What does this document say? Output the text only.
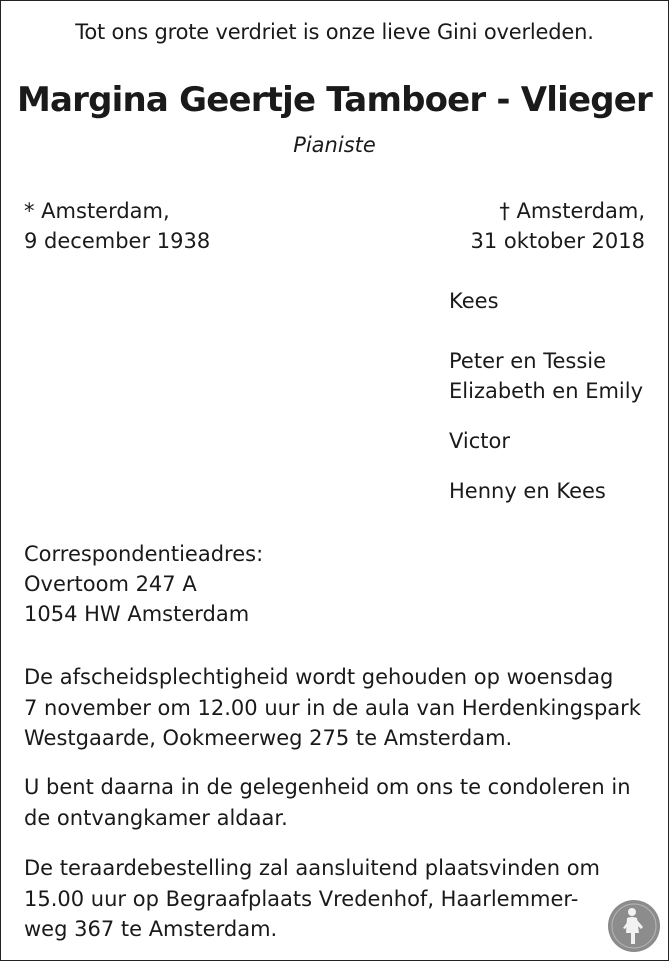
Tot ons grote verdriet is onze lieve Gini overleden.
Margina Geertje Tamboer - Vlieger
Pianiste
* Amsterdam,
9 december 1938
† Amsterdam,
31 oktober 2018
Kees
Peter en Tessie
Elizabeth en Emily
Victor
Henny en Kees
Correspondentieadres:
Overtoom 247 A
1054 HW Amsterdam
De afscheidsplechtigheid wordt gehouden op woensdag
7 november om 12.00 uur in de aula van Herdenkingspark
Westgaarde, Ookmeerweg 275 te Amsterdam.
U bent daarna in de gelegenheid om ons te condoleren in
de ontvangkamer aldaar.
De teraardebestelling zal aansluitend plaatsvinden om
15.00 uur op Begraafplaats Vredenhof, Haarlemmer-
weg 367 te Amsterdam.
